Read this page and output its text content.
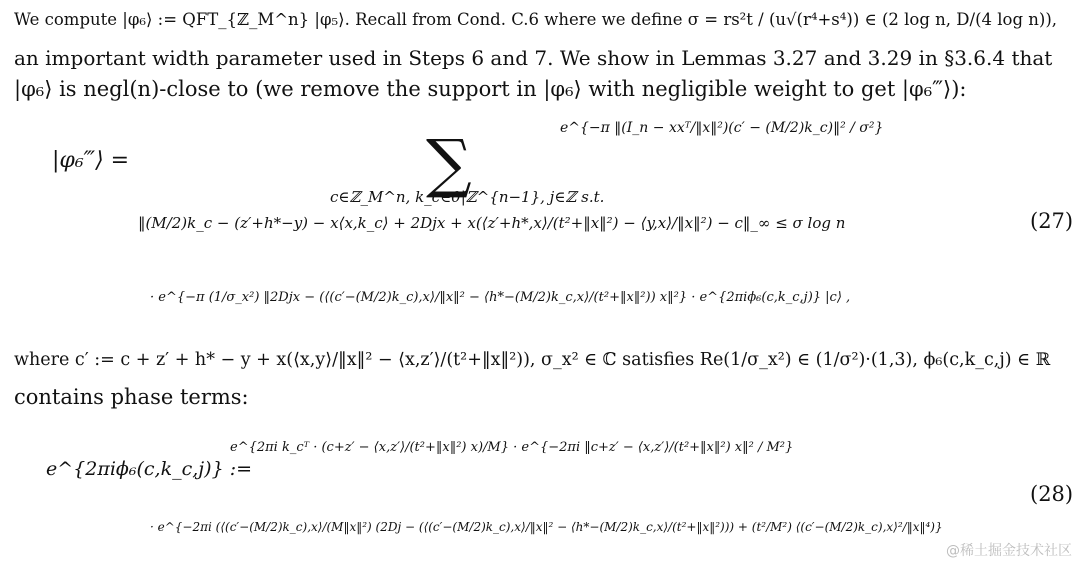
We compute |φ₆⟩ := QFT_{ℤ_M^n} |φ₅⟩. Recall from Cond. C.6 where we define σ = rs²t / (u√(r⁴+s⁴)) ∈ (2 log n, D/(4 log n)),
an important width parameter used in Steps 6 and 7. We show in Lemmas 3.27 and 3.29 in §3.6.4 that
|φ₆⟩ is negl(n)-close to (we remove the support in |φ₆⟩ with negligible weight to get |φ₆‴⟩):
|φ₆‴⟩ =	∑	e^{−π ‖(I_n − xxᵀ/‖x‖²)(c′ − (M/2)k_c)‖² / σ²}
c∈ℤ_M^n, k_c∈0|ℤ^{n−1}, j∈ℤ s.t.
‖(M/2)k_c − (z′+h*−y) − x⟨x,k_c⟩ + 2Djx + x(⟨z′+h*,x⟩/(t²+‖x‖²) − ⟨y,x⟩/‖x‖²) − c‖_∞ ≤ σ log n	(27)
· e^{−π (1/σ_x²) ‖2Djx − (⟨(c′−(M/2)k_c),x⟩/‖x‖² − ⟨h*−(M/2)k_c,x⟩/(t²+‖x‖²)) x‖²} · e^{2πiϕ₆(c,k_c,j)} |c⟩ ,
where c′ := c + z′ + h* − y + x(⟨x,y⟩/‖x‖² − ⟨x,z′⟩/(t²+‖x‖²)), σ_x² ∈ ℂ satisfies Re(1/σ_x²) ∈ (1/σ²)·(1,3), ϕ₆(c,k_c,j) ∈ ℝ
contains phase terms:
e^{2πiϕ₆(c,k_c,j)} :=
e^{2πi k_cᵀ · (c+z′ − ⟨x,z′⟩/(t²+‖x‖²) x)/M} · e^{−2πi ‖c+z′ − ⟨x,z′⟩/(t²+‖x‖²) x‖² / M²}
(28)
· e^{−2πi (⟨(c′−(M/2)k_c),x⟩/(M‖x‖²) (2Dj − (⟨(c′−(M/2)k_c),x⟩/‖x‖² − ⟨h*−(M/2)k_c,x⟩/(t²+‖x‖²))) + (t²/M²) ⟨(c′−(M/2)k_c),x⟩²/‖x‖⁴)}
@稀土掘金技术社区
